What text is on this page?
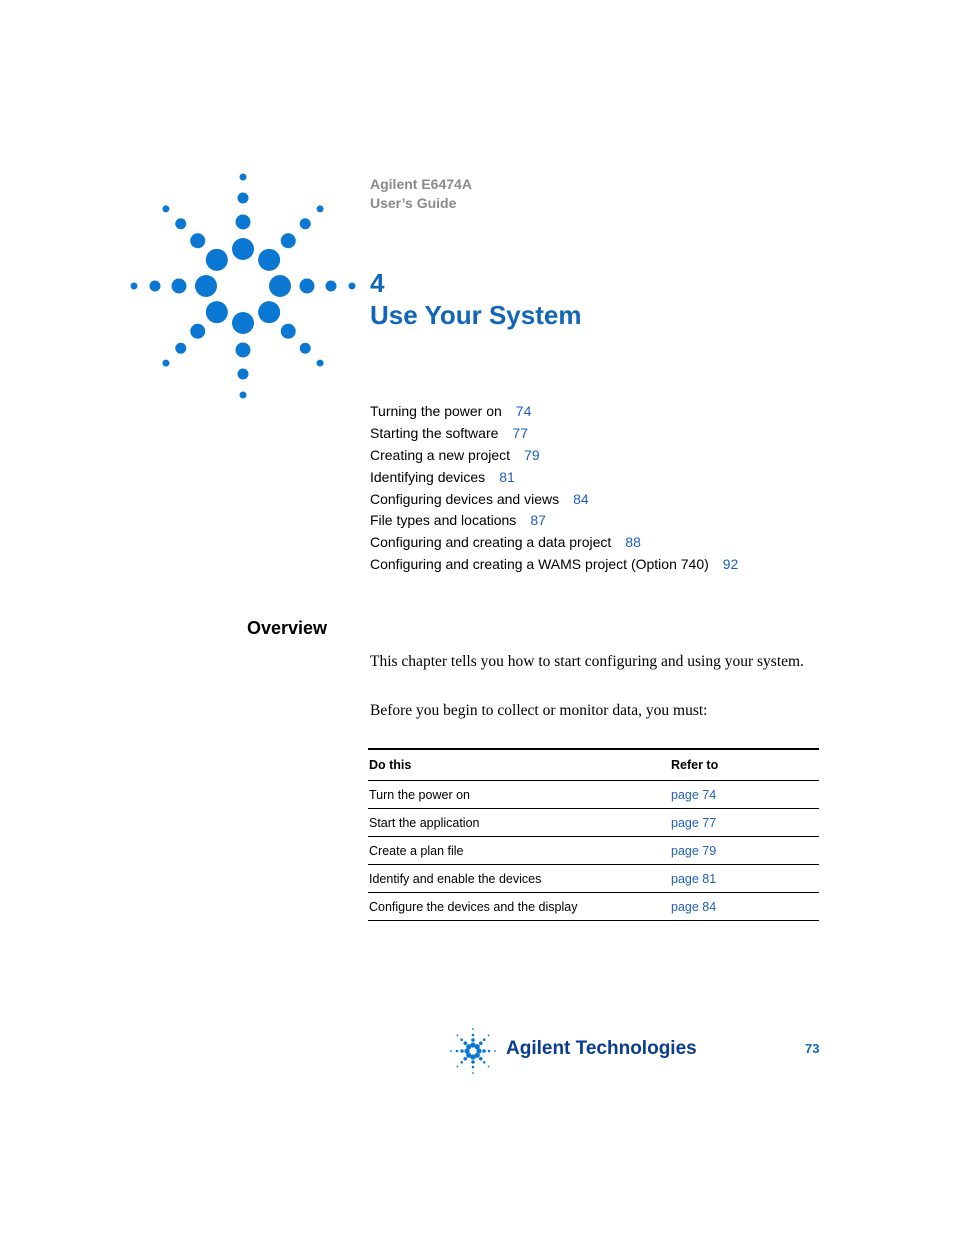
Agilent E6474A
User’s Guide
4
Use Your System
Turning the power on 74
Starting the software 77
Creating a new project 79
Identifying devices 81
Configuring devices and views 84
File types and locations 87
Configuring and creating a data project 88
Configuring and creating a WAMS project (Option 740) 92
Overview
This chapter tells you how to start configuring and using your system.
Before you begin to collect or monitor data, you must:
Do this	Refer to
Turn the power on	page 74
Start the application	page 77
Create a plan file	page 79
Identify and enable the devices	page 81
Configure the devices and the display	page 84
Agilent Technologies	73
